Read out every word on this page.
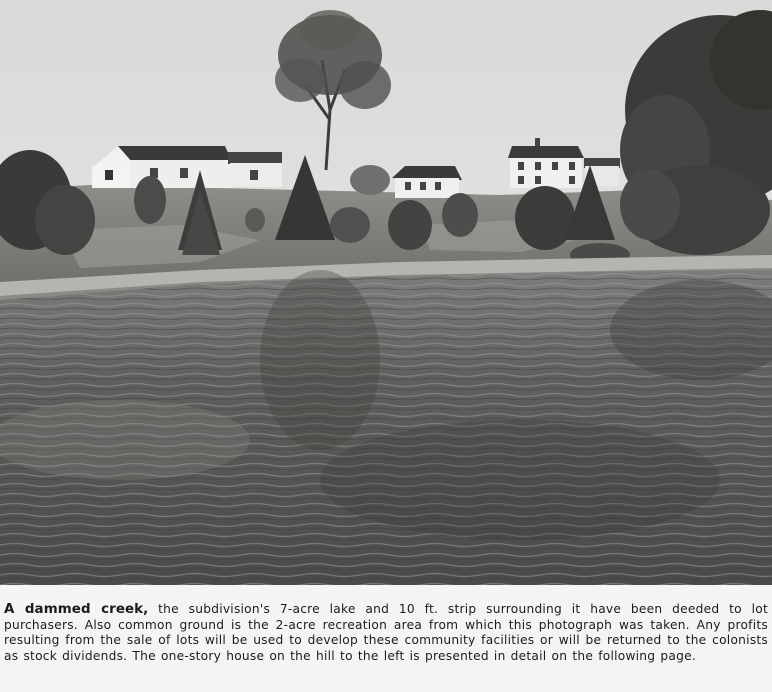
A dammed creek, the subdivision's 7-acre lake and 10 ft. strip surrounding it have been deeded to lot purchasers. Also common ground is the 2-acre recreation area from which this photograph was taken. Any profits resulting from the sale of lots will be used to develop these community facilities or will be returned to the colonists as stock dividends. The one-story house on the hill to the left is presented in detail on the following page.
